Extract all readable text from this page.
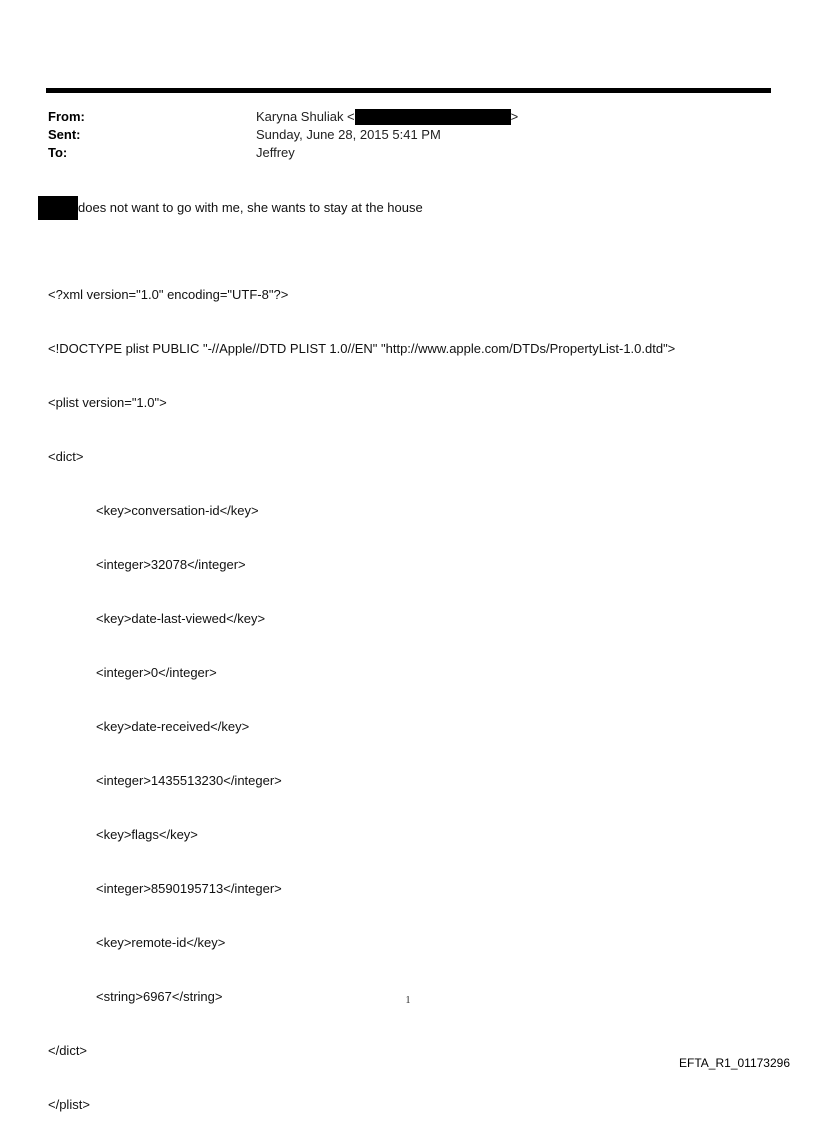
From:	Karyna Shuliak <	>
Sent:	Sunday, June 28, 2015 5:41 PM
To:	Jeffrey
does not want to go with me, she wants to stay at the house

<?xml version="1.0" encoding="UTF-8"?>

<!DOCTYPE plist PUBLIC "-//Apple//DTD PLIST 1.0//EN" "http://www.apple.com/DTDs/PropertyList-1.0.dtd">

<plist version="1.0">

<dict>

<key>conversation-id</key>

<integer>32078</integer>

<key>date-last-viewed</key>

<integer>0</integer>

<key>date-received</key>

<integer>1435513230</integer>

<key>flags</key>

<integer>8590195713</integer>

<key>remote-id</key>

<string>6967</string>

</dict>

</plist>

1
EFTA_R1_01173296
